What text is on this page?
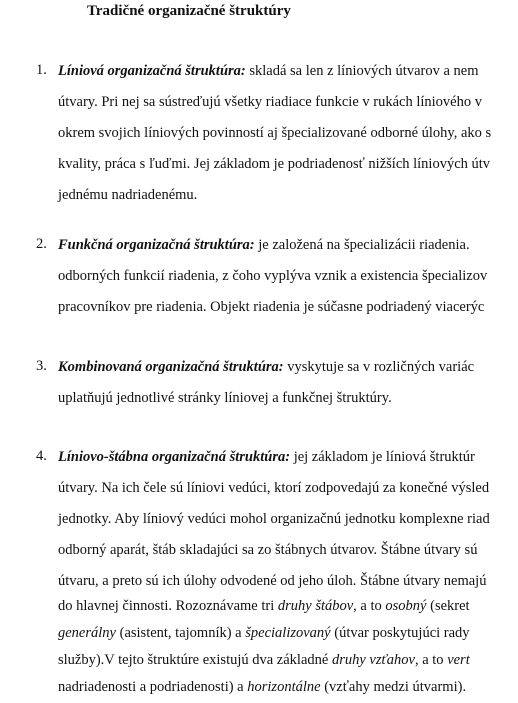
Tradičné organizačné štruktúry
1. Líniová organizačná štruktúra: skladá sa len z líniových útvarov a nem
útvary. Pri nej sa sústreďujú všetky riadiace funkcie v rukách líniového v
okrem svojich líniových povinností aj špecializované odborné úlohy, ako s
kvality, práca s ľuďmi. Jej základom je podriadenosť nižších líniových útv
jednému nadriadenému.
2. Funkčná organizačná štruktúra: je založená na špecializácii riadenia.
odborných funkcií riadenia, z čoho vyplýva vznik a existencia špecializov
pracovníkov pre riadenia. Objekt riadenia je súčasne podriadený viacerýc
3. Kombinovaná organizačná štruktúra: vyskytuje sa v rozličných variác
uplatňujú jednotlivé stránky líniovej a funkčnej štruktúry.
4. Líniovo-štábna organizačná štruktúra: jej základom je líniová štruktúr
útvary. Na ich čele sú líniovi vedúci, ktorí zodpovedajú za konečné výsled
jednotky. Aby líniový vedúci mohol organizačnú jednotku komplexne riad
odborný aparát, štáb skladajúci sa zo štábnych útvarov. Štábne útvary sú
útvaru, a preto sú ich úlohy odvodené od jeho úloh. Štábne útvary nemajú
do hlavnej činnosti. Rozoznávame tri druhy štábov, a to osobný (sekret
generálny (asistent, tajomník) a špecializovaný (útvar poskytujúci rady
služby).V tejto štruktúre existujú dva základné druhy vzťahov, a to vert
nadriadenosti a podriadenosti) a horizontálne (vzťahy medzi útvarmi).
